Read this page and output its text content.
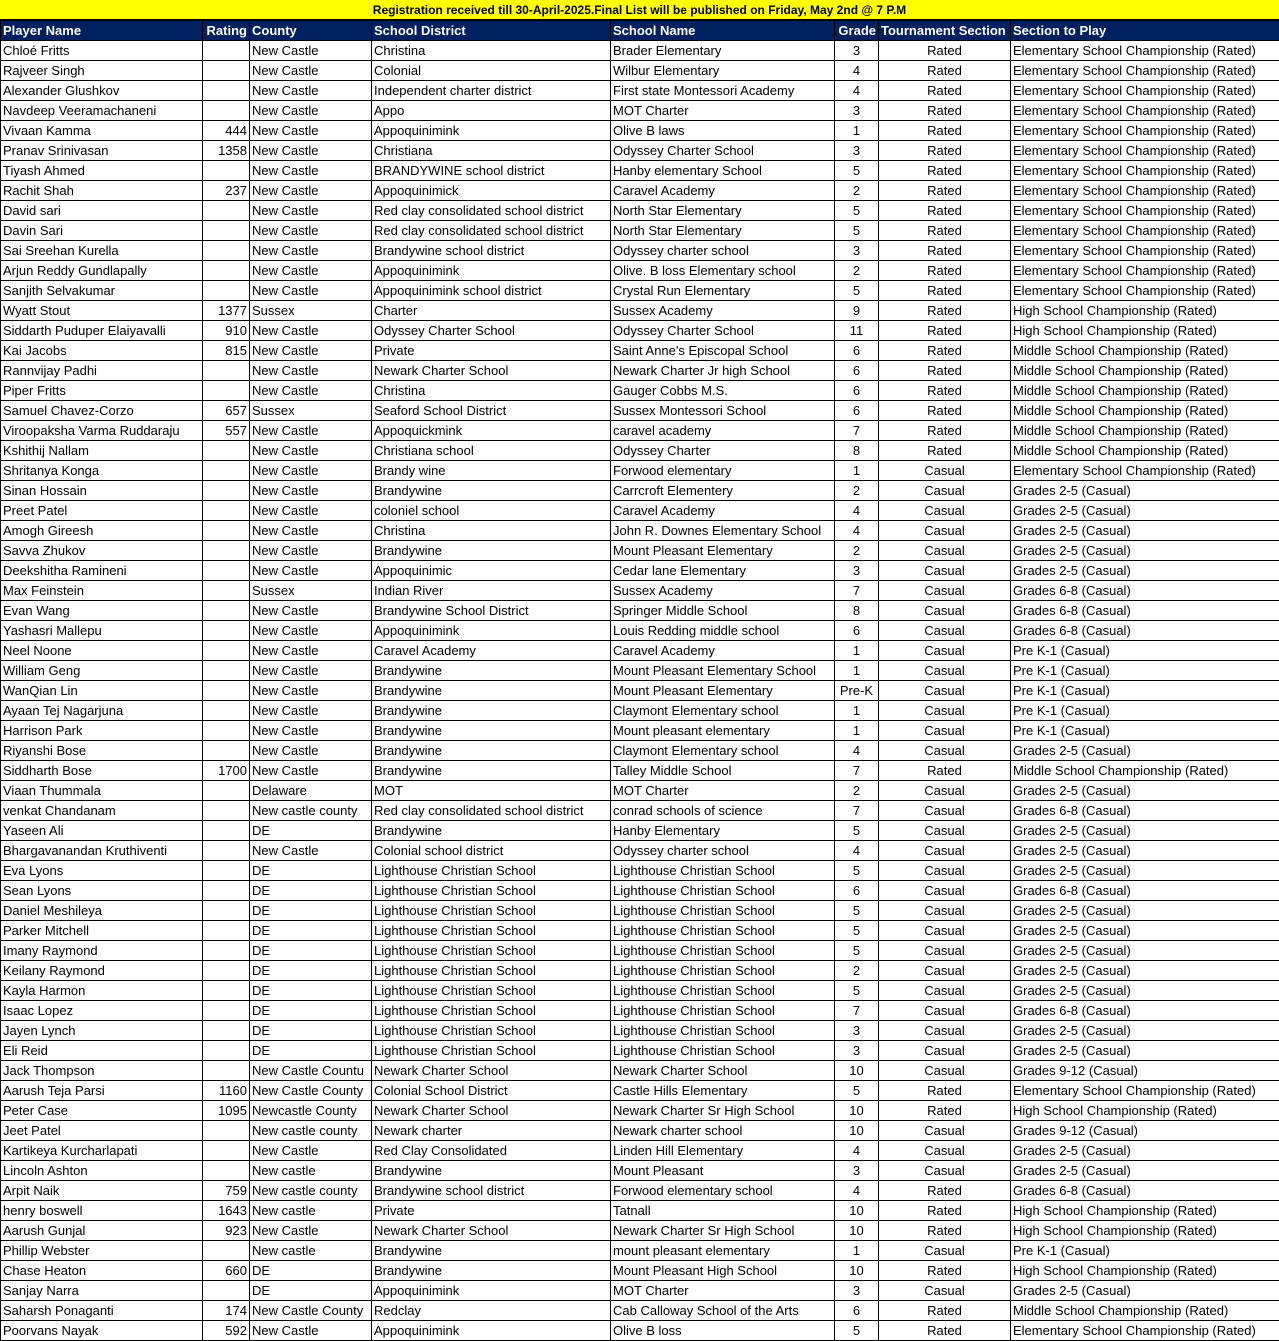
Registration received till 30-April-2025.Final List will be published on Friday, May 2nd @ 7 P.M
Player Name	Rating	County	School District	School Name	Grade	Tournament Section	Section to Play
Chloé Fritts		New Castle	Christina	Brader Elementary	3	Rated	Elementary School Championship (Rated)
Rajveer Singh		New Castle	Colonial	Wilbur Elementary	4	Rated	Elementary School Championship (Rated)
Alexander Glushkov		New Castle	Independent charter district	First state Montessori Academy	4	Rated	Elementary School Championship (Rated)
Navdeep Veeramachaneni		New Castle	Appo	MOT Charter	3	Rated	Elementary School Championship (Rated)
Vivaan Kamma	444	New Castle	Appoquinimink	Olive B laws	1	Rated	Elementary School Championship (Rated)
Pranav Srinivasan	1358	New Castle	Christiana	Odyssey Charter School	3	Rated	Elementary School Championship (Rated)
Tiyash Ahmed		New Castle	BRANDYWINE school district	Hanby elementary School	5	Rated	Elementary School Championship (Rated)
Rachit Shah	237	New Castle	Appoquinimick	Caravel Academy	2	Rated	Elementary School Championship (Rated)
David sari		New Castle	Red clay consolidated school district	North Star Elementary	5	Rated	Elementary School Championship (Rated)
Davin Sari		New Castle	Red clay consolidated school district	North Star Elementary	5	Rated	Elementary School Championship (Rated)
Sai Sreehan Kurella		New Castle	Brandywine school district	Odyssey charter school	3	Rated	Elementary School Championship (Rated)
Arjun Reddy Gundlapally		New Castle	Appoquinimink	Olive. B loss Elementary school	2	Rated	Elementary School Championship (Rated)
Sanjith Selvakumar		New Castle	Appoquinimink school district	Crystal Run Elementary	5	Rated	Elementary School Championship (Rated)
Wyatt Stout	1377	Sussex	Charter	Sussex Academy	9	Rated	High School Championship (Rated)
Siddarth Puduper Elaiyavalli	910	New Castle	Odyssey Charter School	Odyssey Charter School	11	Rated	High School Championship (Rated)
Kai Jacobs	815	New Castle	Private	Saint Anne's Episcopal School	6	Rated	Middle School Championship (Rated)
Rannvijay Padhi		New Castle	Newark Charter School	Newark Charter Jr high School	6	Rated	Middle School Championship (Rated)
Piper Fritts		New Castle	Christina	Gauger Cobbs M.S.	6	Rated	Middle School Championship (Rated)
Samuel Chavez-Corzo	657	Sussex	Seaford School District	Sussex Montessori School	6	Rated	Middle School Championship (Rated)
Viroopaksha Varma Ruddaraju	557	New Castle	Appoquickmink	caravel academy	7	Rated	Middle School Championship (Rated)
Kshithij Nallam		New Castle	Christiana school	Odyssey Charter	8	Rated	Middle School Championship (Rated)
Shritanya Konga		New Castle	Brandy wine	Forwood elementary	1	Casual	Elementary School Championship (Rated)
Sinan Hossain		New Castle	Brandywine	Carrcroft Elementery	2	Casual	Grades 2-5 (Casual)
Preet Patel		New Castle	coloniel school	Caravel Academy	4	Casual	Grades 2-5 (Casual)
Amogh Gireesh		New Castle	Christina	John R. Downes Elementary School	4	Casual	Grades 2-5 (Casual)
Savva Zhukov		New Castle	Brandywine	Mount Pleasant Elementary	2	Casual	Grades 2-5 (Casual)
Deekshitha Ramineni		New Castle	Appoquinimic	Cedar lane Elementary	3	Casual	Grades 2-5 (Casual)
Max Feinstein		Sussex	Indian River	Sussex Academy	7	Casual	Grades 6-8 (Casual)
Evan Wang		New Castle	Brandywine School District	Springer Middle School	8	Casual	Grades 6-8 (Casual)
Yashasri Mallepu		New Castle	Appoquinimink	Louis Redding middle school	6	Casual	Grades 6-8 (Casual)
Neel Noone		New Castle	Caravel Academy	Caravel Academy	1	Casual	Pre K-1 (Casual)
William Geng		New Castle	Brandywine	Mount Pleasant Elementary School	1	Casual	Pre K-1 (Casual)
WanQian Lin		New Castle	Brandywine	Mount Pleasant Elementary	Pre-K	Casual	Pre K-1 (Casual)
Ayaan Tej Nagarjuna		New Castle	Brandywine	Claymont Elementary school	1	Casual	Pre K-1 (Casual)
Harrison Park		New Castle	Brandywine	Mount pleasant elementary	1	Casual	Pre K-1 (Casual)
Riyanshi Bose		New Castle	Brandywine	Claymont Elementary school	4	Casual	Grades 2-5 (Casual)
Siddharth Bose	1700	New Castle	Brandywine	Talley Middle School	7	Rated	Middle School Championship (Rated)
Viaan Thummala		Delaware	MOT	MOT Charter	2	Casual	Grades 2-5 (Casual)
venkat Chandanam		New castle county	Red clay consolidated school district	conrad schools of science	7	Casual	Grades 6-8 (Casual)
Yaseen Ali		DE	Brandywine	Hanby Elementary	5	Casual	Grades 2-5 (Casual)
Bhargavanandan Kruthiventi		New Castle	Colonial school district	Odyssey charter school	4	Casual	Grades 2-5 (Casual)
Eva Lyons		DE	Lighthouse Christian School	Lighthouse Christian School	5	Casual	Grades 2-5 (Casual)
Sean Lyons		DE	Lighthouse Christian School	Lighthouse Christian School	6	Casual	Grades 6-8 (Casual)
Daniel Meshileya		DE	Lighthouse Christian School	Lighthouse Christian School	5	Casual	Grades 2-5 (Casual)
Parker Mitchell		DE	Lighthouse Christian School	Lighthouse Christian School	5	Casual	Grades 2-5 (Casual)
Imany Raymond		DE	Lighthouse Christian School	Lighthouse Christian School	5	Casual	Grades 2-5 (Casual)
Keilany Raymond		DE	Lighthouse Christian School	Lighthouse Christian School	2	Casual	Grades 2-5 (Casual)
Kayla Harmon		DE	Lighthouse Christian School	Lighthouse Christian School	5	Casual	Grades 2-5 (Casual)
Isaac Lopez		DE	Lighthouse Christian School	Lighthouse Christian School	7	Casual	Grades 6-8 (Casual)
Jayen Lynch		DE	Lighthouse Christian School	Lighthouse Christian School	3	Casual	Grades 2-5 (Casual)
Eli Reid		DE	Lighthouse Christian School	Lighthouse Christian School	3	Casual	Grades 2-5 (Casual)
Jack Thompson		New Castle Countu	Newark Charter School	Newark Charter School	10	Casual	Grades 9-12 (Casual)
Aarush Teja Parsi	1160	New Castle County	Colonial School District	Castle Hills Elementary	5	Rated	Elementary School Championship (Rated)
Peter Case	1095	Newcastle County	Newark Charter School	Newark Charter Sr High School	10	Rated	High School Championship (Rated)
Jeet Patel		New castle county	Newark charter	Newark charter school	10	Casual	Grades 9-12 (Casual)
Kartikeya Kurcharlapati		New Castle	Red Clay Consolidated	Linden Hill Elementary	4	Casual	Grades 2-5 (Casual)
Lincoln Ashton		New castle	Brandywine	Mount Pleasant	3	Casual	Grades 2-5 (Casual)
Arpit Naik	759	New castle county	Brandywine school district	Forwood elementary school	4	Rated	Grades 6-8 (Casual)
henry boswell	1643	New castle	Private	Tatnall	10	Rated	High School Championship (Rated)
Aarush Gunjal	923	New Castle	Newark Charter School	Newark Charter Sr High School	10	Rated	High School Championship (Rated)
Phillip Webster		New castle	Brandywine	mount pleasant elementary	1	Casual	Pre K-1 (Casual)
Chase Heaton	660	DE	Brandywine	Mount Pleasant High School	10	Rated	High School Championship (Rated)
Sanjay Narra		DE	Appoquinimink	MOT Charter	3	Casual	Grades 2-5 (Casual)
Saharsh Ponaganti	174	New Castle County	Redclay	Cab Calloway School of the Arts	6	Rated	Middle School Championship (Rated)
Poorvans Nayak	592	New Castle	Appoquinimink	Olive B loss	5	Rated	Elementary School Championship (Rated)
